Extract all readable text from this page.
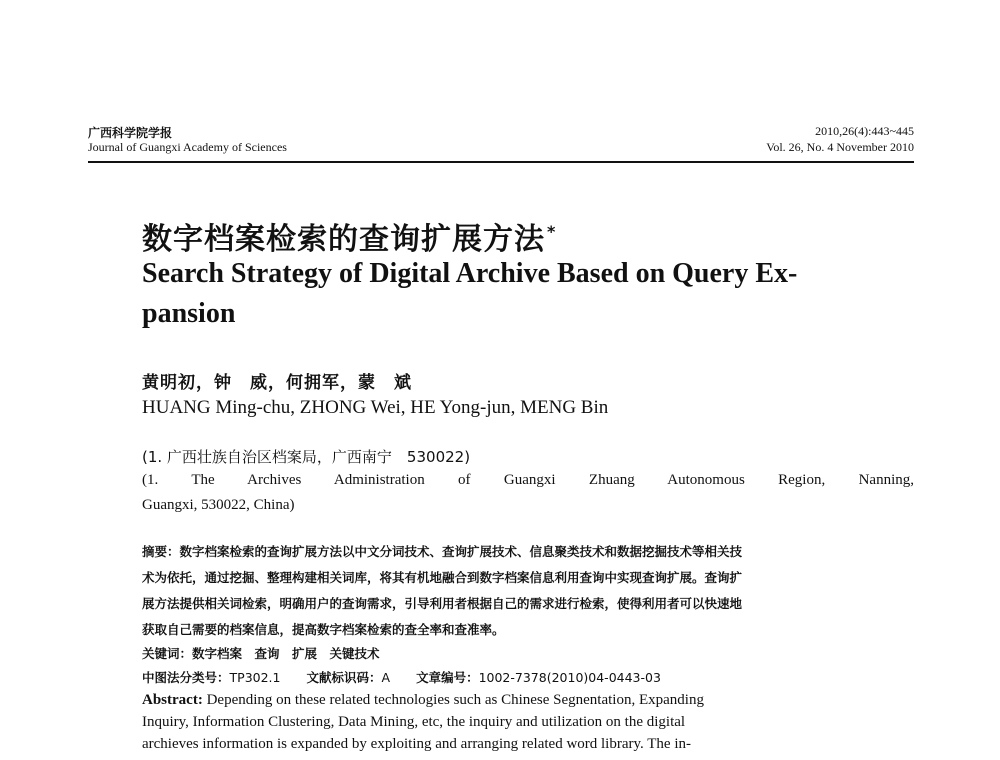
广西科学院学报
Journal of Guangxi Academy of Sciences
2010,26(4):443~445
Vol. 26, No. 4 November 2010
数字档案检索的查询扩展方法 *
Search Strategy of Digital Archive Based on Query Ex-
pansion
黄明初，钟　威，何拥军，蒙　斌
HUANG Ming-chu, ZHONG Wei, HE Yong-jun, MENG Bin
(1. 广西壮族自治区档案局，广西南宁　530022)
(1. The Archives Administration of Guangxi Zhuang Autonomous Region, Nanning,
Guangxi, 530022, China)
摘要：数字档案检索的查询扩展方法以中文分词技术、查询扩展技术、信息聚类技术和数据挖掘技术等相关技
术为依托，通过挖掘、整理构建相关词库，将其有机地融合到数字档案信息利用查询中实现查询扩展。查询扩
展方法提供相关词检索，明确用户的查询需求，引导利用者根据自己的需求进行检索，使得利用者可以快速地
获取自己需要的档案信息，提高数字档案检索的查全率和查准率。
关键词：数字档案　查询　扩展　关键技术
中图法分类号：TP302.1 文献标识码：A 文章编号：1002-7378(2010)04-0443-03
Abstract: Depending on these related technologies such as Chinese Segnentation, Expanding
Inquiry, Information Clustering, Data Mining, etc, the inquiry and utilization on the digital
archieves information is expanded by exploiting and arranging related word library. The in-
